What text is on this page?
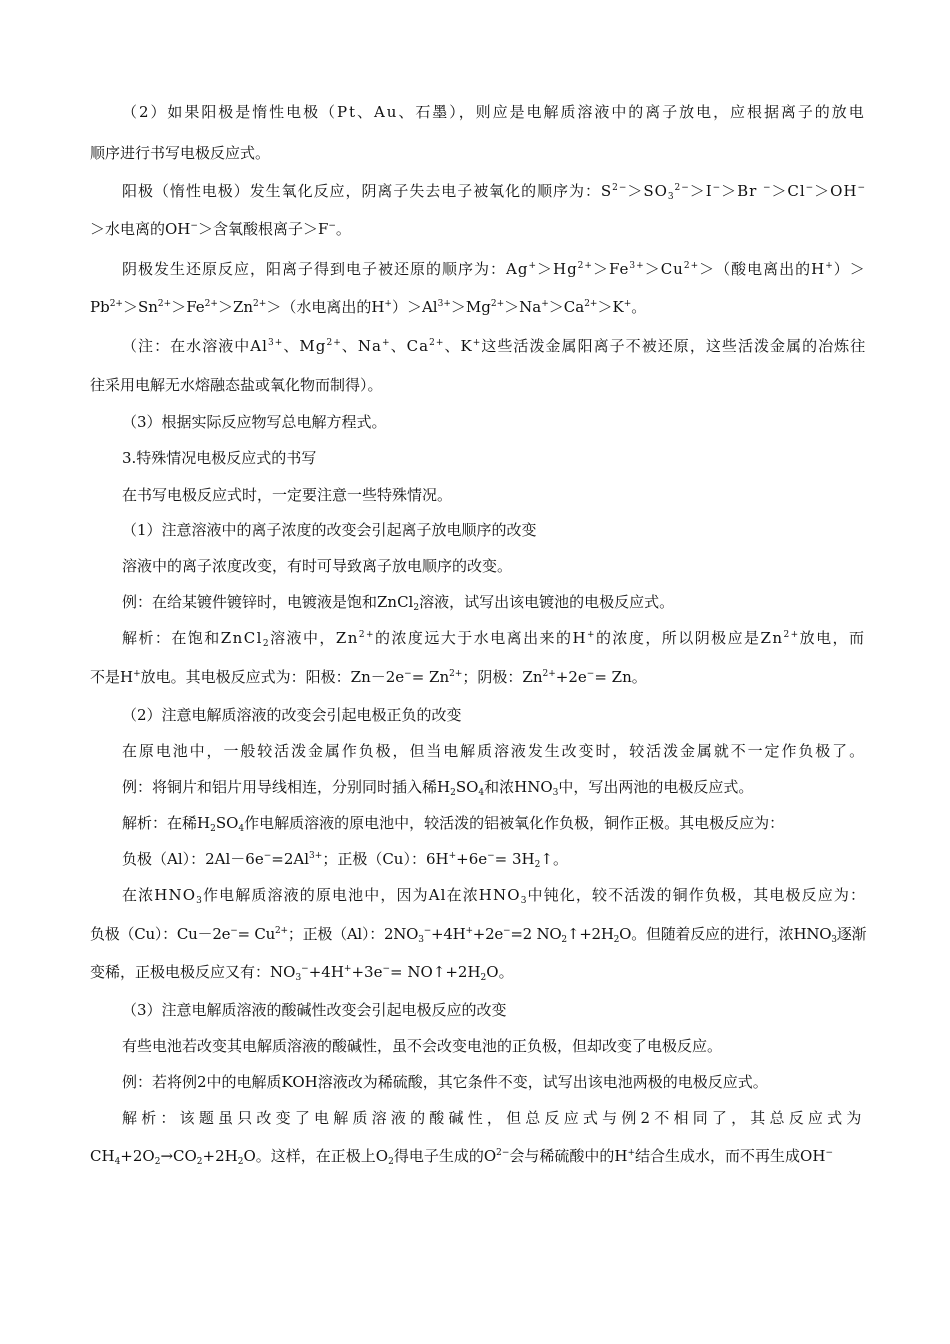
（2）如果阳极是惰性电极（Pt、Au、石墨），则应是电解质溶液中的离子放电，应根据离子的放电
顺序进行书写电极反应式。
阳极（惰性电极）发生氧化反应，阴离子失去电子被氧化的顺序为：$S^{2-}>SO_3^{2-}>I^->Br$ −＞Cl−＞OH−
＞水电离的OH−＞含氧酸根离子＞F−。
阴极发生还原反应，阳离子得到电子被还原的顺序为：$Ag^+>Hg^{2+}>Fe^{3+}>Cu^{2+}>$（酸电离出的H+）＞
$Pb^{2+}>Sn^{2+}>Fe^{2+}>Zn^{2+}>$（水电离出的$H^+)>Al^{3+}>Mg^{2+}>Na^+>Ca^{2+}>K^+$。
（注：在水溶液中$Al^{3+}$、$Mg^{2+}$、Na+、$Ca^{2+}$、K+这些活泼金属阳离子不被还原，这些活泼金属的冶炼往
往采用电解无水熔融态盐或氧化物而制得）。
（3）根据实际反应物写总电解方程式。
3.特殊情况电极反应式的书写
在书写电极反应式时，一定要注意一些特殊情况。
（1）注意溶液中的离子浓度的改变会引起离子放电顺序的改变
溶液中的离子浓度改变，有时可导致离子放电顺序的改变。
例：在给某镀件镀锌时，电镀液是饱和ZnCl$_2$溶液，试写出该电镀池的电极反应式。
解析：在饱和ZnCl$_2$溶液中，$Zn^{2+}$的浓度远大于水电离出来的H+的浓度，所以阴极应是$Zn^{2+}$放电，而
不是H+放电。其电极反应式为：阳极：$Zn-2e^-= Zn^{2+}$；阴极：$Zn^{2+}+2e^-= Zn$。
（2）注意电解质溶液的改变会引起电极正负的改变
在原电池中，一般较活泼金属作负极，但当电解质溶液发生改变时，较活泼金属就不一定作负极了。
例：将铜片和铝片用导线相连，分别同时插入稀$H_2SO_4$和浓$HNO_3$中，写出两池的电极反应式。
解析：在稀$H_2SO_4$作电解质溶液的原电池中，较活泼的铝被氧化作负极，铜作正极。其电极反应为：
负极（Al）：$2Al-6e^-=2Al^{3+}$；正极（Cu）：$6H^++6e^-= 3H_2↑$。
在浓$HNO_3$作电解质溶液的原电池中，因为Al在浓$HNO_3$中钝化，较不活泼的铜作负极，其电极反应为：
负极（Cu）：$Cu-2e^-= Cu^{2+}$；正极（Al）：$2NO_3^-+4H^++2e^-=2$ $NO_2↑+2H_2O$。但随着反应的进行，浓$HNO_3$逐渐
变稀，正极电极反应又有：$NO_3^-+4H^++3e^-=$ $NO↑+2H_2O$。
（3）注意电解质溶液的酸碱性改变会引起电极反应的改变
有些电池若改变其电解质溶液的酸碱性，虽不会改变电池的正负极，但却改变了电极反应。
例：若将例2中的电解质KOH溶液改为稀硫酸，其它条件不变，试写出该电池两极的电极反应式。
解析：该题虽只改变了电解质溶液的酸碱性，但总反应式与例2不相同了，其总反应式为
$CH_4+2O_2\to CO_2+2H_2O$。这样，在正极上$O_2$得电子生成的$O^{2-}$会与稀硫酸中的H+结合生成水，而不再生成OH−
